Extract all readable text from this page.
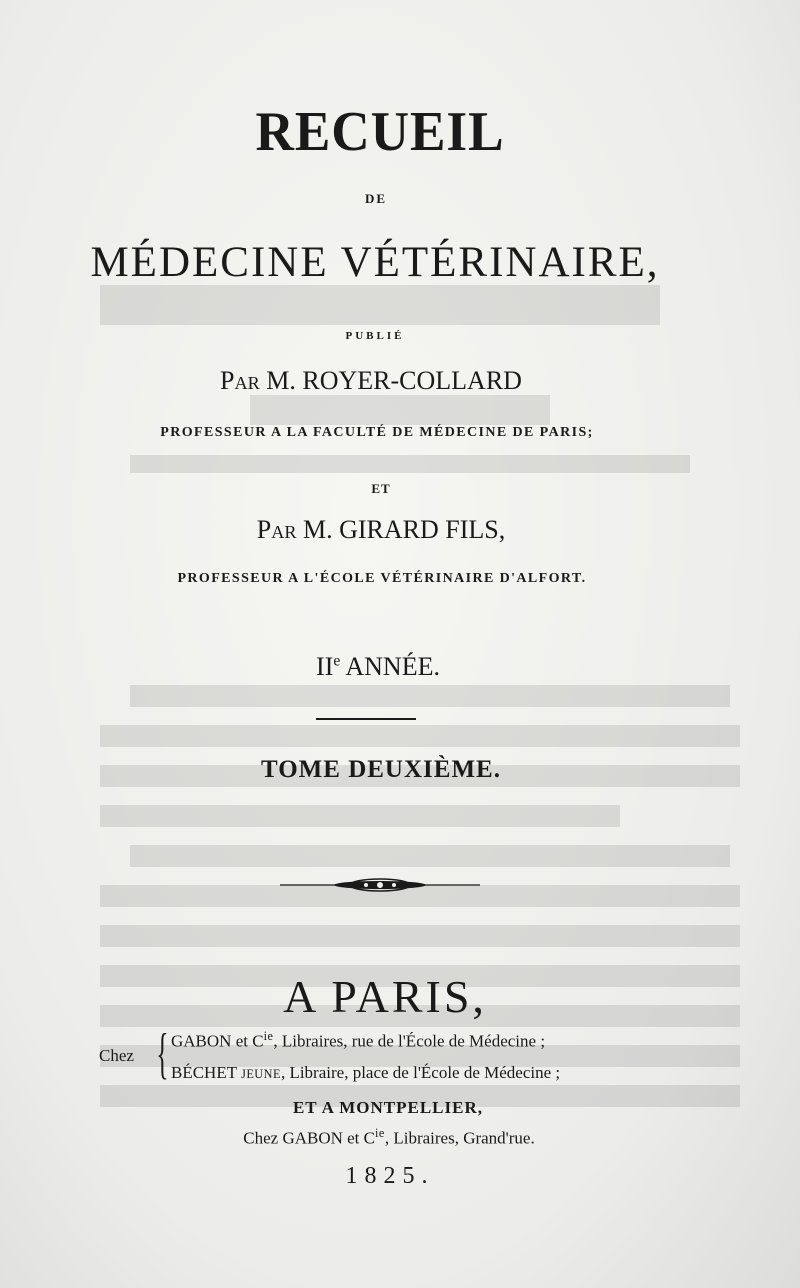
RECUEIL
DE
MÉDECINE VÉTÉRINAIRE,
PUBLIÉ
PAR M. ROYER-COLLARD
PROFESSEUR A LA FACULTÉ DE MÉDECINE DE PARIS;
ET
PAR M. GIRARD FILS,
PROFESSEUR A L'ÉCOLE VÉTÉRINAIRE D'ALFORT.
IIe ANNÉE.
TOME DEUXIÈME.
A PARIS,
Chez { GABON et $C^{ie}$, Libraires, rue de l'École de Médecine ;
BÉCHET JEUNE, Libraire, place de l'École de Médecine ;
ET A MONTPELLIER,
Chez GABON et $C^{ie}$, Libraires, Grand'rue.
1825.
